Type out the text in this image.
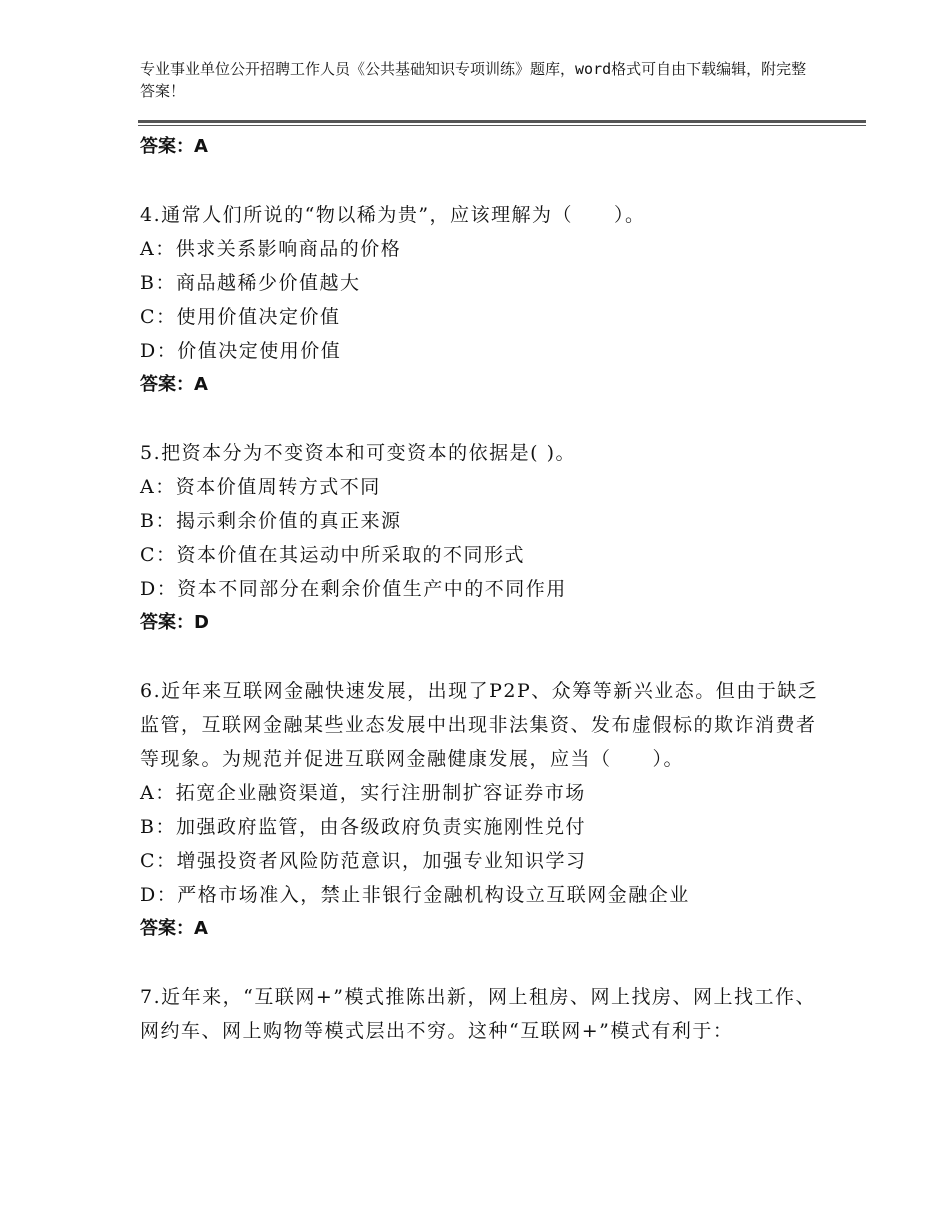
专业事业单位公开招聘工作人员《公共基础知识专项训练》题库，word格式可自由下载编辑，附完整答案！
答案：A
4.通常人们所说的“物以稀为贵”，应该理解为（　　）。
A：供求关系影响商品的价格
B：商品越稀少价值越大
C：使用价值决定价值
D：价值决定使用价值
答案：A
5.把资本分为不变资本和可变资本的依据是( )。
A：资本价值周转方式不同
B：揭示剩余价值的真正来源
C：资本价值在其运动中所采取的不同形式
D：资本不同部分在剩余价值生产中的不同作用
答案：D
6.近年来互联网金融快速发展，出现了P2P、众筹等新兴业态。但由于缺乏监管，互联网金融某些业态发展中出现非法集资、发布虚假标的欺诈消费者等现象。为规范并促进互联网金融健康发展，应当（　　）。
A：拓宽企业融资渠道，实行注册制扩容证券市场
B：加强政府监管，由各级政府负责实施刚性兑付
C：增强投资者风险防范意识，加强专业知识学习
D：严格市场准入，禁止非银行金融机构设立互联网金融企业
答案：A
7.近年来，“互联网+”模式推陈出新，网上租房、网上找房、网上找工作、网约车、网上购物等模式层出不穷。这种“互联网+”模式有利于：
